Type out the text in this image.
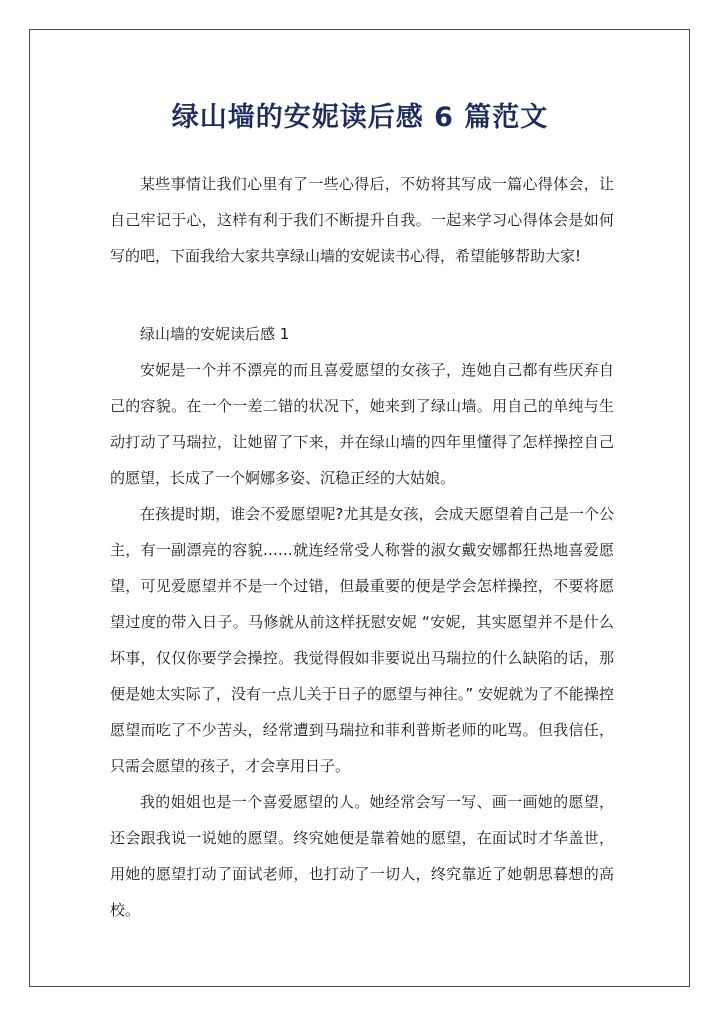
绿山墙的安妮读后感 6 篇范文

某些事情让我们心里有了一些心得后，不妨将其写成一篇心得体会，让自己牢记于心，这样有利于我们不断提升自我。一起来学习心得体会是如何写的吧，下面我给大家共享绿山墙的安妮读书心得，希望能够帮助大家!

绿山墙的安妮读后感 1

安妮是一个并不漂亮的而且喜爱愿望的女孩子，连她自己都有些厌弃自己的容貌。在一个一差二错的状况下，她来到了绿山墙。用自己的单纯与生动打动了马瑞拉，让她留了下来，并在绿山墙的四年里懂得了怎样操控自己的愿望，长成了一个婀娜多姿、沉稳正经的大姑娘。

在孩提时期，谁会不爱愿望呢?尤其是女孩，会成天愿望着自己是一个公主，有一副漂亮的容貌……就连经常受人称誉的淑女戴安娜都狂热地喜爱愿望，可见爱愿望并不是一个过错，但最重要的便是学会怎样操控，不要将愿望过度的带入日子。马修就从前这样抚慰安妮 “安妮，其实愿望并不是什么坏事，仅仅你要学会操控。我觉得假如非要说出马瑞拉的什么缺陷的话，那便是她太实际了，没有一点儿关于日子的愿望与神往。” 安妮就为了不能操控愿望而吃了不少苦头，经常遭到马瑞拉和菲利普斯老师的叱骂。但我信任，只需会愿望的孩子，才会享用日子。

我的姐姐也是一个喜爱愿望的人。她经常会写一写、画一画她的愿望，还会跟我说一说她的愿望。终究她便是靠着她的愿望，在面试时才华盖世，用她的愿望打动了面试老师，也打动了一切人，终究靠近了她朝思暮想的高校。
